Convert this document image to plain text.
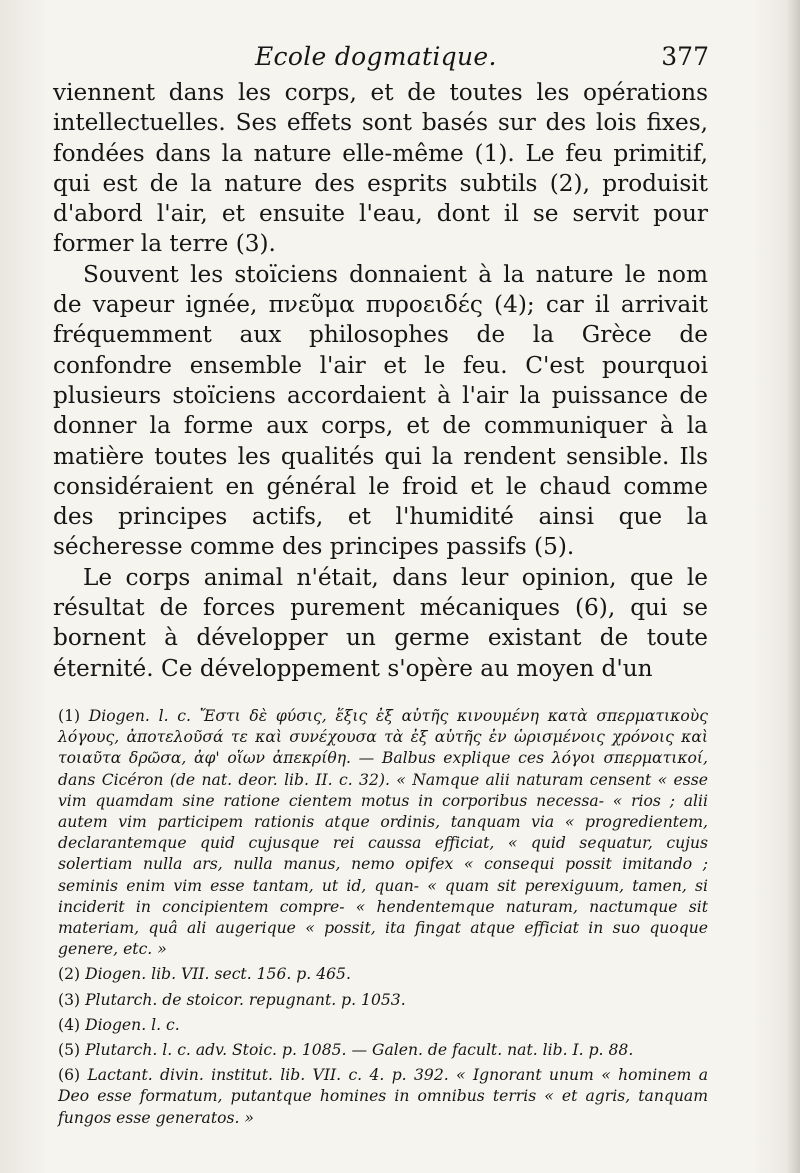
Ecole dogmatique.	377

viennent dans les corps, et de toutes les opérations intellectuelles. Ses effets sont basés sur des lois fixes, fondées dans la nature elle-même (1). Le feu primitif, qui est de la nature des esprits subtils (2), produisit d'abord l'air, et ensuite l'eau, dont il se servit pour former la terre (3).

Souvent les stoïciens donnaient à la nature le nom de vapeur ignée, πνεῦμα πυροειδές (4); car il arrivait fréquemment aux philosophes de la Grèce de confondre ensemble l'air et le feu. C'est pourquoi plusieurs stoïciens accordaient à l'air la puissance de donner la forme aux corps, et de communiquer à la matière toutes les qualités qui la rendent sensible. Ils considéraient en général le froid et le chaud comme des principes actifs, et l'humidité ainsi que la sécheresse comme des principes passifs (5).

Le corps animal n'était, dans leur opinion, que le résultat de forces purement mécaniques (6), qui se bornent à développer un germe existant de toute éternité. Ce développement s'opère au moyen d'un

(1) Diogen. l. c. Ἔστι δὲ φύσις, ἕξις ἐξ αὑτῆς κινουμένη κατὰ σπερματικοὺς λόγους, ἀποτελοῦσά τε καὶ συνέχουσα τὰ ἐξ αὑτῆς ἐν ὡρισμένοις χρόνοις καὶ τοιαῦτα δρῶσα, ἀφ' οἵων ἀπεκρίθη. — Balbus explique ces λόγοι σπερματικοί, dans Cicéron (de nat. deor. lib. II. c. 32). « Namque alii naturam censent « esse vim quamdam sine ratione cientem motus in corporibus necessa- « rios ; alii autem vim participem rationis atque ordinis, tanquam via « progredientem, declarantemque quid cujusque rei caussa efficiat, « quid sequatur, cujus solertiam nulla ars, nulla manus, nemo opifex « consequi possit imitando ; seminis enim vim esse tantam, ut id, quan- « quam sit perexiguum, tamen, si inciderit in concipientem compre- « hendentemque naturam, nactumque sit materiam, quâ ali augerique « possit, ita fingat atque efficiat in suo quoque genere, etc. »

(2) Diogen. lib. VII. sect. 156. p. 465.

(3) Plutarch. de stoicor. repugnant. p. 1053.

(4) Diogen. l. c.

(5) Plutarch. l. c. adv. Stoic. p. 1085. — Galen. de facult. nat. lib. I. p. 88.

(6) Lactant. divin. institut. lib. VII. c. 4. p. 392. « Ignorant unum « hominem a Deo esse formatum, putantque homines in omnibus terris « et agris, tanquam fungos esse generatos. »
